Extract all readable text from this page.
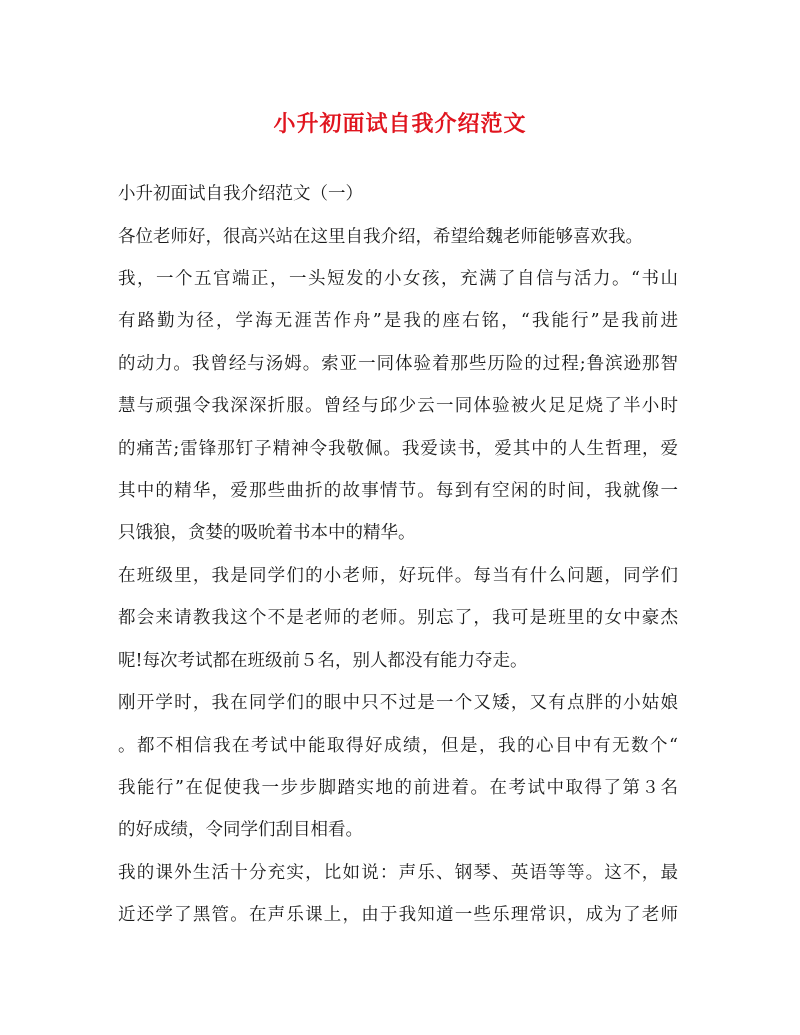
小升初面试自我介绍范文
小升初面试自我介绍范文（一）
各位老师好，很高兴站在这里自我介绍，希望给魏老师能够喜欢我。
我，一个五官端正，一头短发的小女孩，充满了自信与活力。“书山
有路勤为径，学海无涯苦作舟”是我的座右铭，“我能行”是我前进
的动力。我曾经与汤姆。索亚一同体验着那些历险的过程;鲁滨逊那智
慧与顽强令我深深折服。曾经与邱少云一同体验被火足足烧了半小时
的痛苦;雷锋那钉子精神令我敬佩。我爱读书，爱其中的人生哲理，爱
其中的精华，爱那些曲折的故事情节。每到有空闲的时间，我就像一
只饿狼，贪婪的吸吮着书本中的精华。
在班级里，我是同学们的小老师，好玩伴。每当有什么问题，同学们
都会来请教我这个不是老师的老师。别忘了，我可是班里的女中豪杰
呢!每次考试都在班级前５名，别人都没有能力夺走。
刚开学时，我在同学们的眼中只不过是一个又矮，又有点胖的小姑娘
。都不相信我在考试中能取得好成绩，但是，我的心目中有无数个“
我能行”在促使我一步步脚踏实地的前进着。在考试中取得了第３名
的好成绩，令同学们刮目相看。
我的课外生活十分充实，比如说：声乐、钢琴、英语等等。这不，最
近还学了黑管。在声乐课上，由于我知道一些乐理常识，成为了老师
